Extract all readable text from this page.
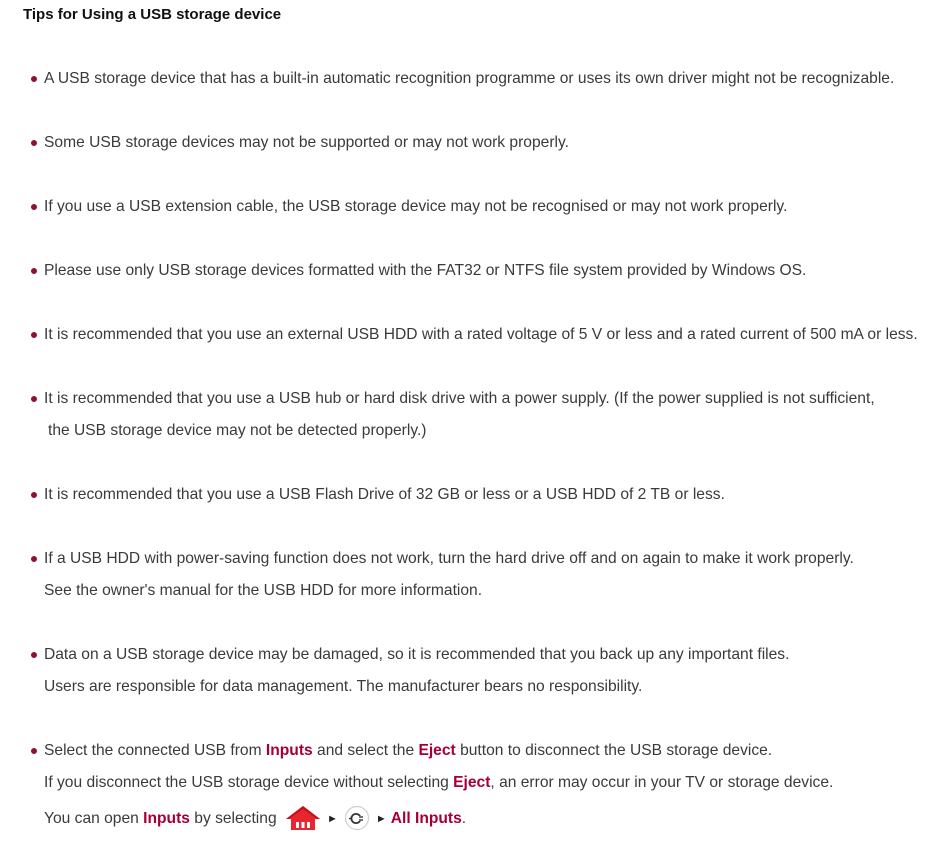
Tips for Using a USB storage device
A USB storage device that has a built-in automatic recognition programme or uses its own driver might not be recognizable.
Some USB storage devices may not be supported or may not work properly.
If you use a USB extension cable, the USB storage device may not be recognised or may not work properly.
Please use only USB storage devices formatted with the FAT32 or NTFS file system provided by Windows OS.
It is recommended that you use an external USB HDD with a rated voltage of 5 V or less and a rated current of 500 mA or less.
It is recommended that you use a USB hub or hard disk drive with a power supply. (If the power supplied is not sufficient,
the USB storage device may not be detected properly.)
It is recommended that you use a USB Flash Drive of 32 GB or less or a USB HDD of 2 TB or less.
If a USB HDD with power-saving function does not work, turn the hard drive off and on again to make it work properly.
See the owner's manual for the USB HDD for more information.
Data on a USB storage device may be damaged, so it is recommended that you back up any important files.
Users are responsible for data management. The manufacturer bears no responsibility.
Select the connected USB from Inputs and select the Eject button to disconnect the USB storage device.
If you disconnect the USB storage device without selecting Eject, an error may occur in your TV or storage device.
You can open Inputs by selecting	►	► All Inputs.
